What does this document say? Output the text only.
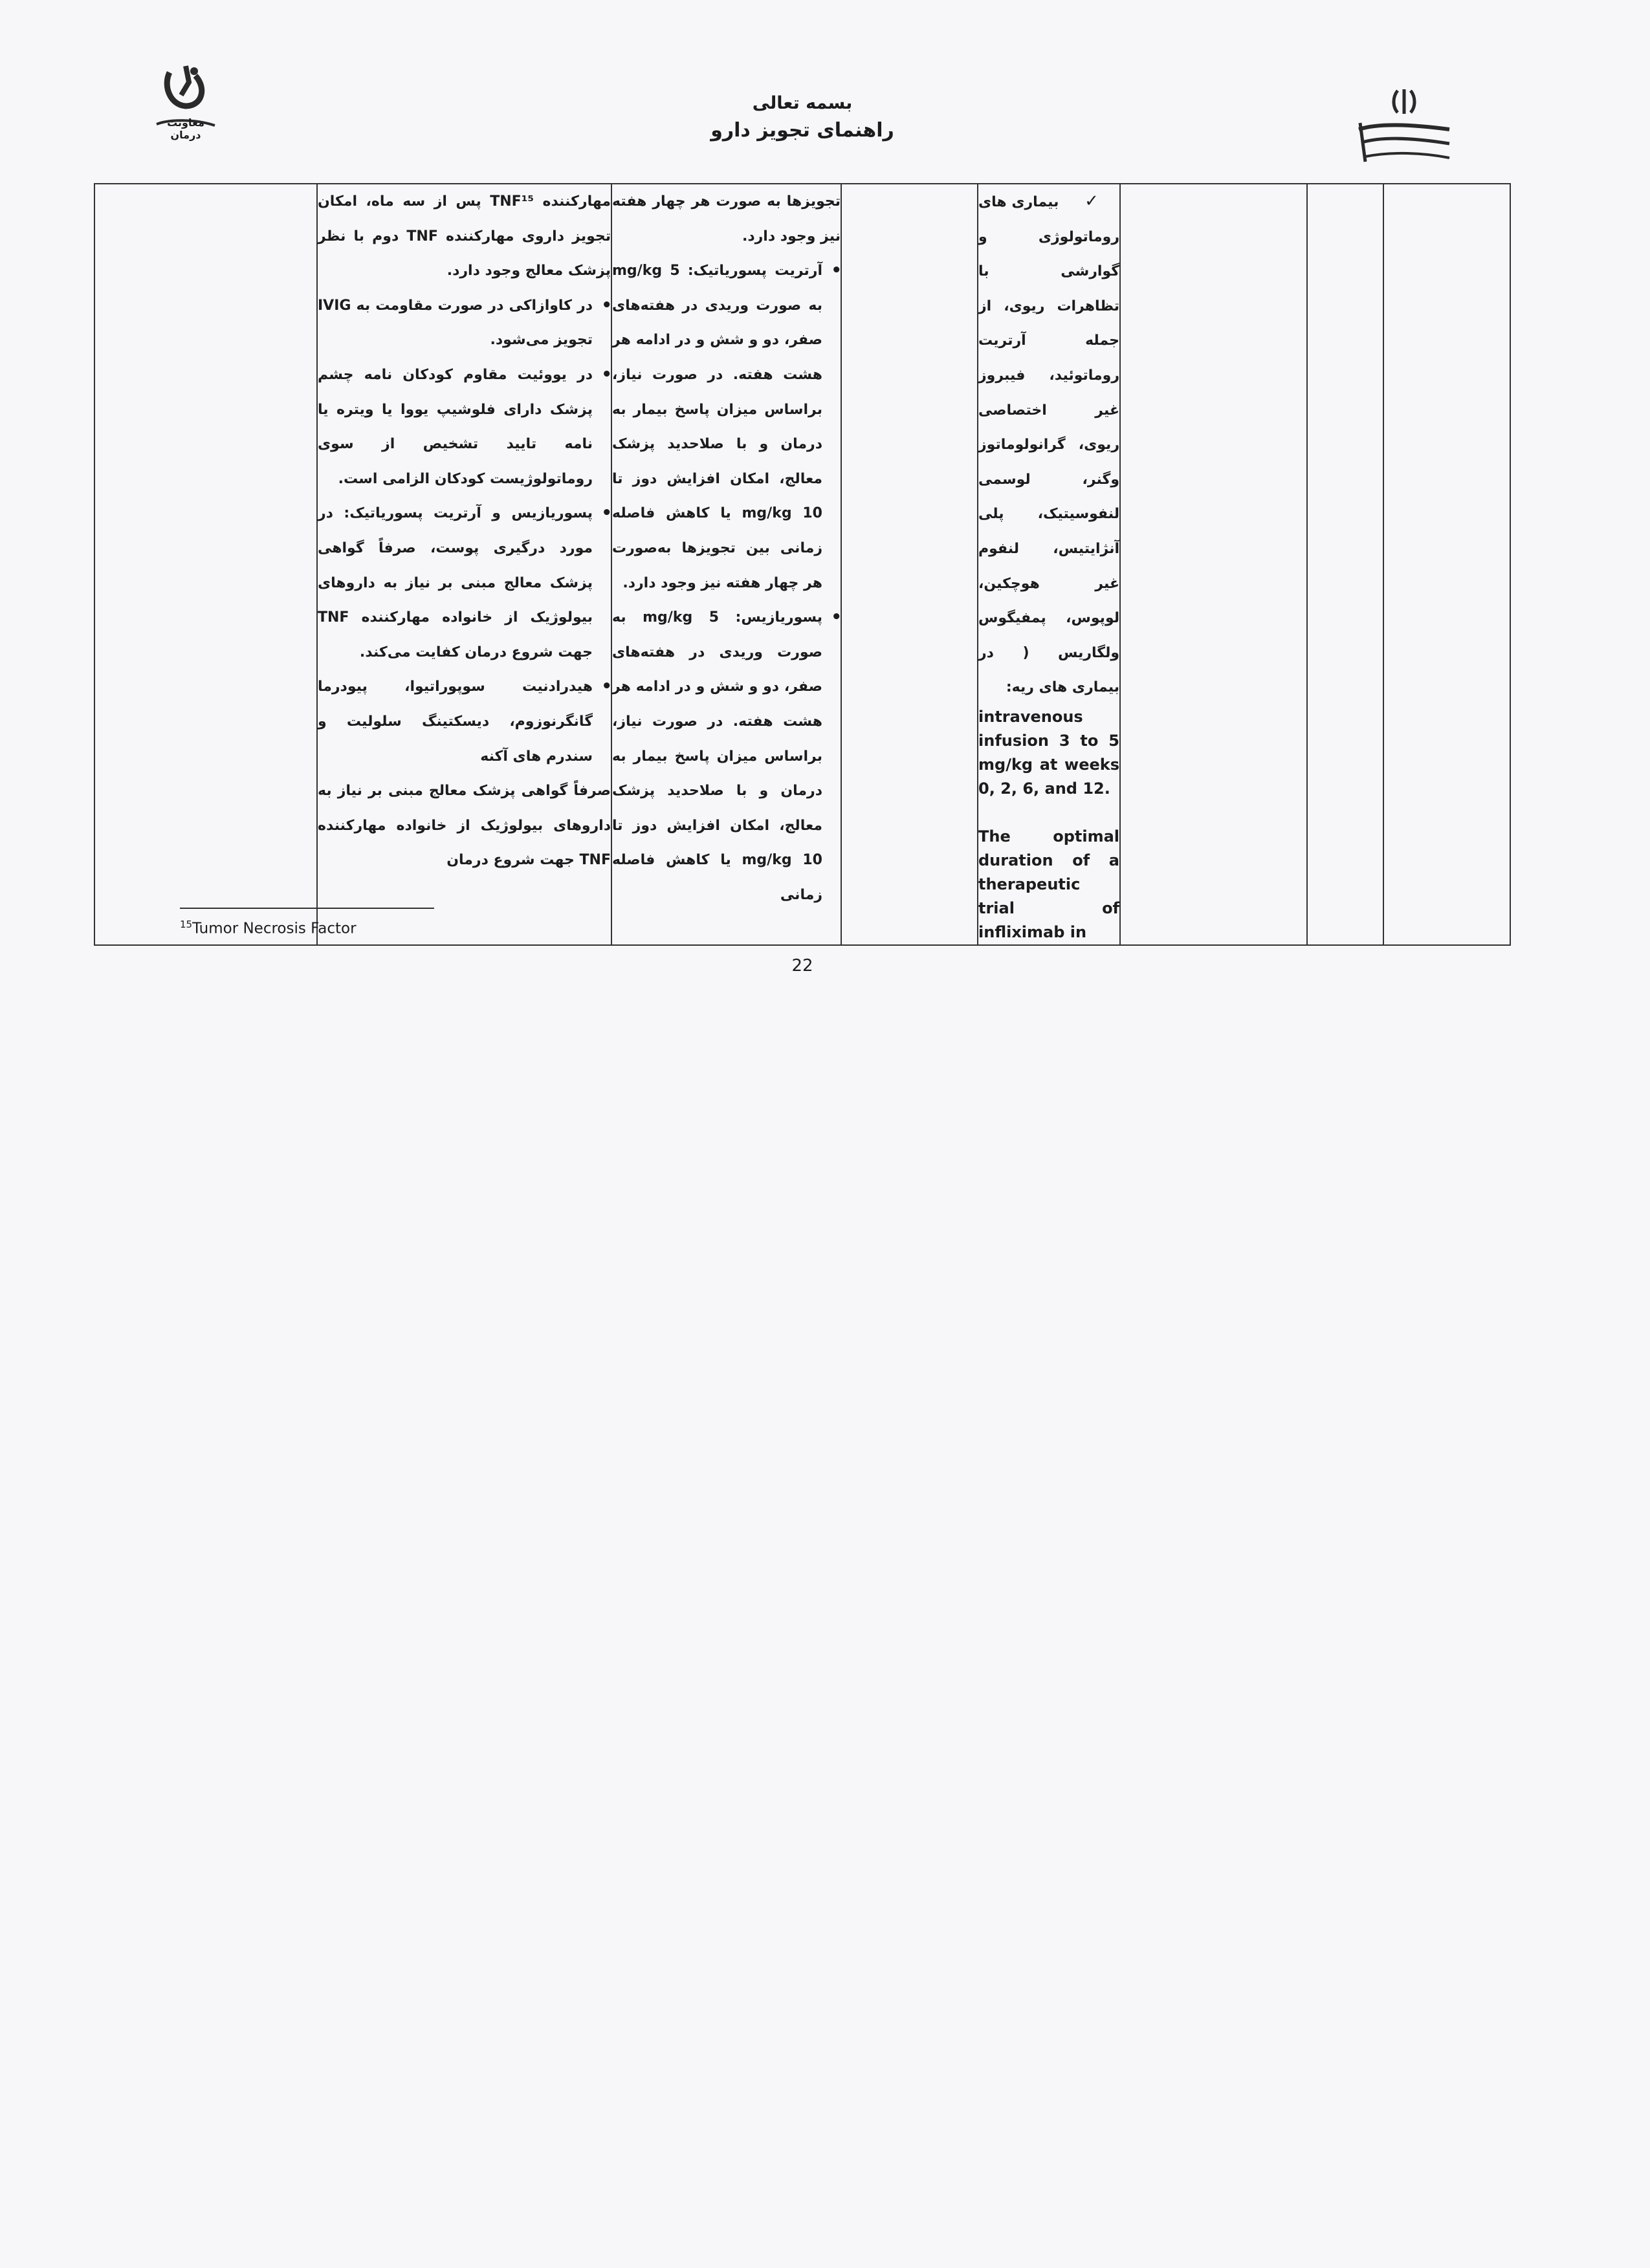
معاونت درمان
بسمه تعالی
راهنمای تجویز دارو

مهارکننده TNF¹⁵ پس از سه ماه، امکان تجویز داروی مهارکننده TNF دوم با نظر پزشک معالج وجود دارد.

• در کاوازاکی در صورت مقاومت به IVIG تجویز می‌شود.
• در یووئیت مقاوم کودکان نامه چشم پزشک دارای فلوشیپ یووا یا ویتره یا نامه تایید تشخیص از سوی روماتولوژیست کودکان الزامی است.
• پسوریازیس و آرتریت پسوریاتیک: در مورد درگیری پوست، صرفاً گواهی پزشک معالج مبنی بر نیاز به داروهای بیولوژیک از خانواده مهارکننده TNF جهت شروع درمان کفایت می‌کند.
• هیدرادنیت سوپوراتیوا، پیودرما گانگرنوزوم، دیسکتینگ سلولیت و سندرم های آکنه

صرفاً گواهی پزشک معالج مبنی بر نیاز به داروهای بیولوژیک از خانواده مهارکننده TNF جهت شروع درمان

تجویزها به صورت هر چهار هفته نیز وجود دارد.

• آرتریت پسوریاتیک: 5 mg/kg به صورت وریدی در هفته‌های صفر، دو و شش و در ادامه هر هشت هفته. در صورت نیاز، براساس میزان پاسخ بیمار به درمان و با صلاحدید پزشک معالج، امکان افزایش دوز تا 10 mg/kg یا کاهش فاصله زمانی بین تجویزها به‌صورت هر چهار هفته نیز وجود دارد.
• پسوریازیس: 5 mg/kg به صورت وریدی در هفته‌های صفر، دو و شش و در ادامه هر هشت هفته. در صورت نیاز، براساس میزان پاسخ بیمار به درمان و با صلاحدید پزشک معالج، امکان افزایش دوز تا 10 mg/kg یا کاهش فاصله زمانی

✓ بیماری های روماتولوژی و گوارشی با تظاهرات ریوی، از جمله آرتریت روماتوئید، فیبروز غیر اختصاصی ریوی، گرانولوماتوز وگنر، لوسمی لنفوسیتیک، پلی آنژایتیس، لنفوم غیر هوچکین، لوپوس، پمفیگوس ولگاریس ( در بیماری های ریه:

intravenous infusion 3 to 5 mg/kg at weeks 0, 2, 6, and 12.

The optimal duration of a therapeutic trial of infliximab in

$^{15}$Tumor Necrosis Factor
22
